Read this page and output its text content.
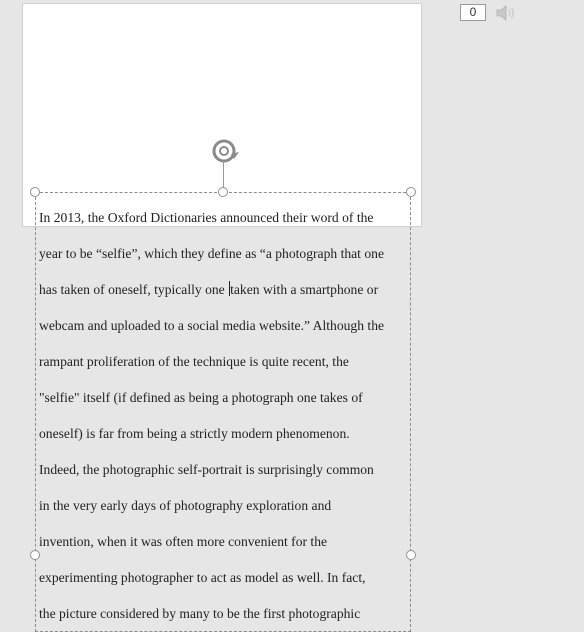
0
In 2013, the Oxford Dictionaries announced their word of the
year to be “selfie”, which they define as “a photograph that one
has taken of oneself, typically one taken with a smartphone or
webcam and uploaded to a social media website.” Although the
rampant proliferation of the technique is quite recent, the
"selfie" itself (if defined as being a photograph one takes of
oneself) is far from being a strictly modern phenomenon.
Indeed, the photographic self-portrait is surprisingly common
in the very early days of photography exploration and
invention, when it was often more convenient for the
experimenting photographer to act as model as well. In fact,
the picture considered by many to be the first photographic
